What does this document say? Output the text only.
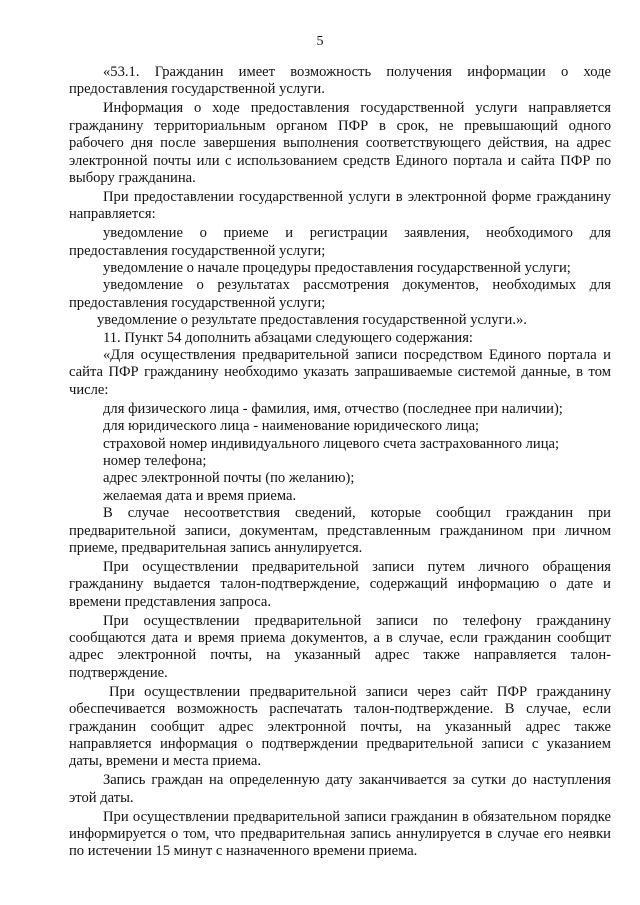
5

«53.1. Гражданин имеет возможность получения информации о ходе предоставления государственной услуги.

Информация о ходе предоставления государственной услуги направляется гражданину территориальным органом ПФР в срок, не превышающий одного рабочего дня после завершения выполнения соответствующего действия, на адрес электронной почты или с использованием средств Единого портала и сайта ПФР по выбору гражданина.

При предоставлении государственной услуги в электронной форме гражданину направляется:

уведомление о приеме и регистрации заявления, необходимого для предоставления государственной услуги;

уведомление о начале процедуры предоставления государственной услуги;

уведомление о результатах рассмотрения документов, необходимых для предоставления государственной услуги;

уведомление о результате предоставления государственной услуги.».

11. Пункт 54 дополнить абзацами следующего содержания:

«Для осуществления предварительной записи посредством Единого портала и сайта ПФР гражданину необходимо указать запрашиваемые системой данные, в том числе:

для физического лица - фамилия, имя, отчество (последнее при наличии);

для юридического лица - наименование юридического лица;

страховой номер индивидуального лицевого счета застрахованного лица;

номер телефона;

адрес электронной почты (по желанию);

желаемая дата и время приема.

В случае несоответствия сведений, которые сообщил гражданин при предварительной записи, документам, представленным гражданином при личном приеме, предварительная запись аннулируется.

При осуществлении предварительной записи путем личного обращения гражданину выдается талон-подтверждение, содержащий информацию о дате и времени представления запроса.

При осуществлении предварительной записи по телефону гражданину сообщаются дата и время приема документов, а в случае, если гражданин сообщит адрес электронной почты, на указанный адрес также направляется талон-подтверждение.

При осуществлении предварительной записи через сайт ПФР гражданину обеспечивается возможность распечатать талон-подтверждение. В случае, если гражданин сообщит адрес электронной почты, на указанный адрес также направляется информация о подтверждении предварительной записи с указанием даты, времени и места приема.

Запись граждан на определенную дату заканчивается за сутки до наступления этой даты.

При осуществлении предварительной записи гражданин в обязательном порядке информируется о том, что предварительная запись аннулируется в случае его неявки по истечении 15 минут с назначенного времени приема.
